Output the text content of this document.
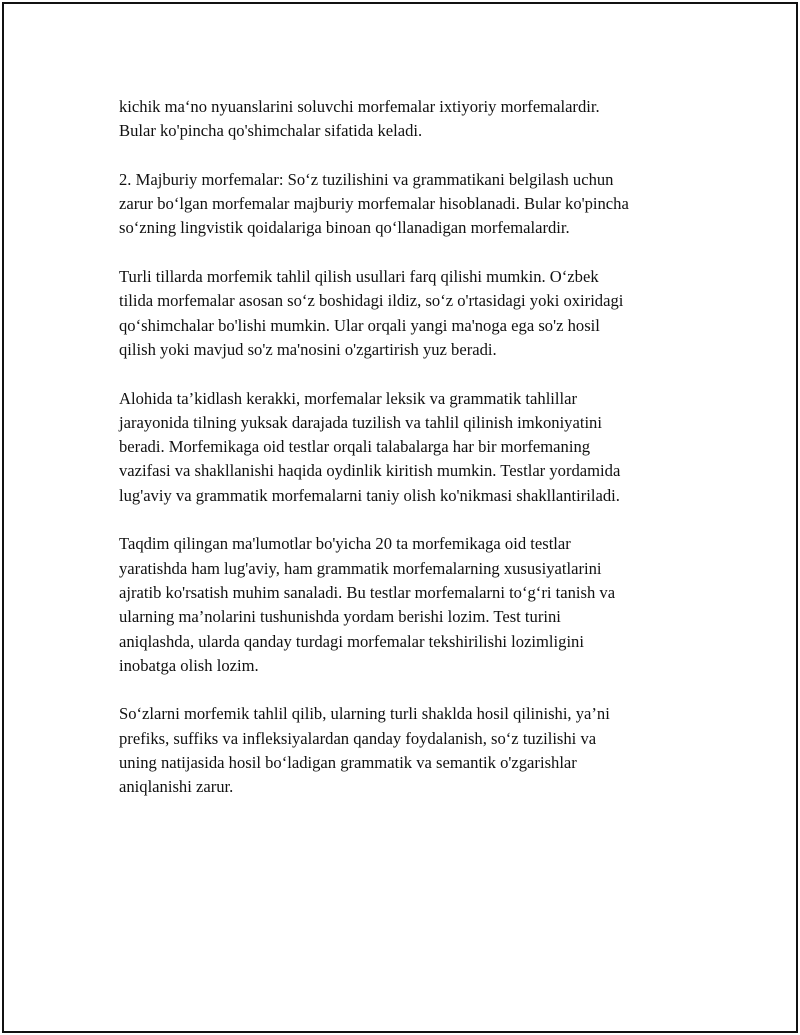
kichik maʻno nyuanslarini soluvchi morfemalar ixtiyoriy morfemalardir.
Bular ko'pincha qo'shimchalar sifatida keladi.

2. Majburiy morfemalar: Soʻz tuzilishini va grammatikani belgilash uchun
zarur boʻlgan morfemalar majburiy morfemalar hisoblanadi. Bular ko'pincha
soʻzning lingvistik qoidalariga binoan qoʻllanadigan morfemalardir.

Turli tillarda morfemik tahlil qilish usullari farq qilishi mumkin. Oʻzbek
tilida morfemalar asosan soʻz boshidagi ildiz, soʻz o'rtasidagi yoki oxiridagi
qoʻshimchalar bo'lishi mumkin. Ular orqali yangi ma'noga ega so'z hosil
qilish yoki mavjud so'z ma'nosini o'zgartirish yuz beradi.

Alohida ta’kidlash kerakki, morfemalar leksik va grammatik tahlillar
jarayonida tilning yuksak darajada tuzilish va tahlil qilinish imkoniyatini
beradi. Morfemikaga oid testlar orqali talabalarga har bir morfemaning
vazifasi va shakllanishi haqida oydinlik kiritish mumkin. Testlar yordamida
lug'aviy va grammatik morfemalarni taniy olish ko'nikmasi shakllantiriladi.

Taqdim qilingan ma'lumotlar bo'yicha 20 ta morfemikaga oid testlar
yaratishda ham lug'aviy, ham grammatik morfemalarning xususiyatlarini
ajratib ko'rsatish muhim sanaladi. Bu testlar morfemalarni toʻgʻri tanish va
ularning ma’nolarini tushunishda yordam berishi lozim. Test turini
aniqlashda, ularda qanday turdagi morfemalar tekshirilishi lozimligini
inobatga olish lozim.

Soʻzlarni morfemik tahlil qilib, ularning turli shaklda hosil qilinishi, ya’ni
prefiks, suffiks va infleksiyalardan qanday foydalanish, soʻz tuzilishi va
uning natijasida hosil boʻladigan grammatik va semantik o'zgarishlar
aniqlanishi zarur.
